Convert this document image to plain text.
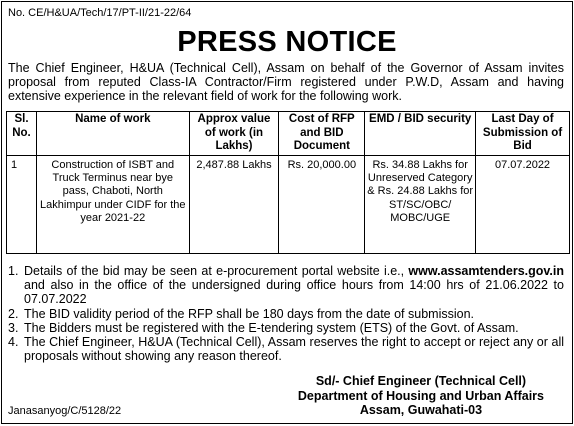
No. CE/H&UA/Tech/17/PT-II/21-22/64
PRESS NOTICE
The Chief Engineer, H&UA (Technical Cell), Assam on behalf of the Governor of Assam invites proposal from reputed Class-IA Contractor/Firm registered under P.W.D, Assam and having extensive experience in the relevant field of work for the following work.
Sl. No.	Name of work	Approx value of work (in Lakhs)	Cost of RFP and BID Document	EMD / BID security	Last Day of Submission of Bid
1	Construction of ISBT and Truck Terminus near bye pass, Chaboti, North Lakhimpur under CIDF for the year 2021-22	2,487.88 Lakhs	Rs. 20,000.00	Rs. 34.88 Lakhs for Unreserved Category & Rs. 24.88 Lakhs for ST/SC/OBC/ MOBC/UGE	07.07.2022
1. Details of the bid may be seen at e-procurement portal website i.e., www.assamtenders.gov.in and also in the office of the undersigned during office hours from 14:00 hrs of 21.06.2022 to 07.07.2022
2. The BID validity period of the RFP shall be 180 days from the date of submission.
3. The Bidders must be registered with the E-tendering system (ETS) of the Govt. of Assam.
4. The Chief Engineer, H&UA (Technical Cell), Assam reserves the right to accept or reject any or all proposals without showing any reason thereof.
Sd/- Chief Engineer (Technical Cell)
Department of Housing and Urban Affairs
Assam, Guwahati-03
Janasanyog/C/5128/22
